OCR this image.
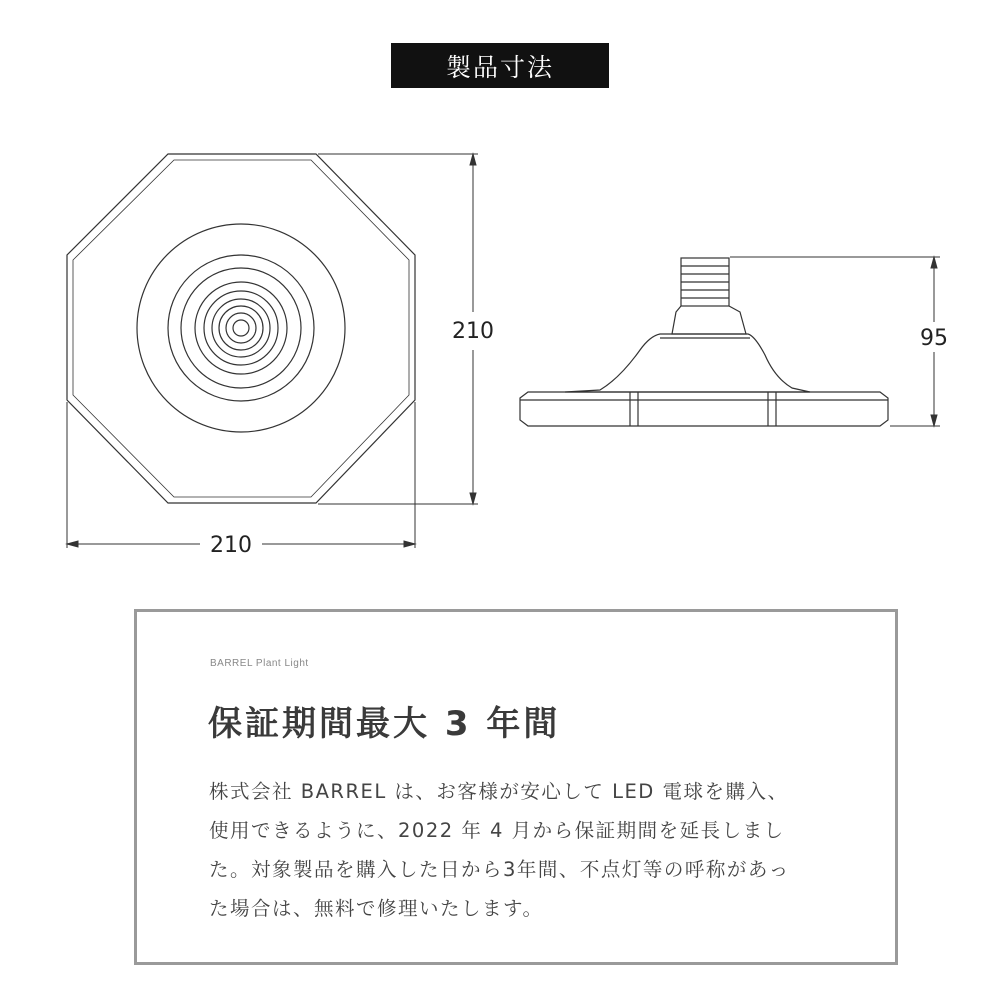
製品寸法
210
210	95
BARREL Plant Light
保証期間最大 3 年間
株式会社 BARREL は、お客様が安心して LED 電球を購入、
使用できるように、2022 年 4 月から保証期間を延長しまし
た。対象製品を購入した日から3年間、不点灯等の呼称があっ
た場合は、無料で修理いたします。
